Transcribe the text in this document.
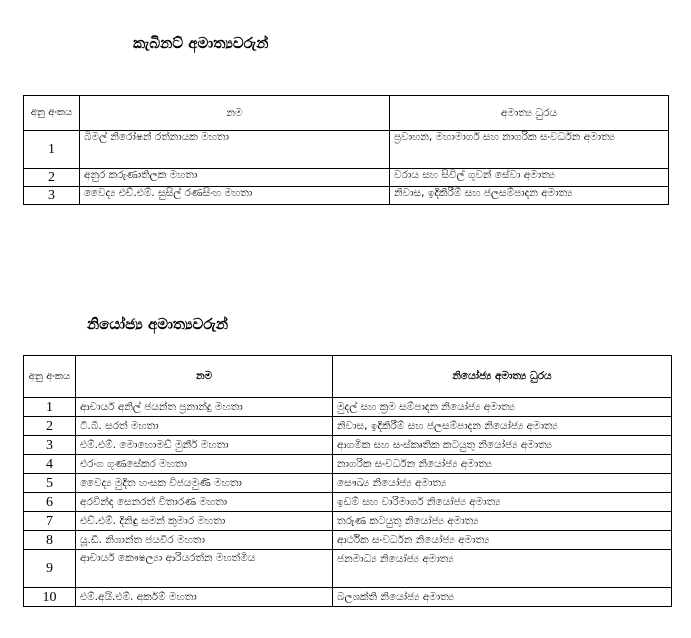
කැබිනට් අමාත්‍යවරුන්
අනු අංකය	නම	අමාත්‍ය ධුරය
1	බිමල් නිරෝෂන් රත්නායක මහතා	ප්‍රවාහන, මහාමාර්ග සහ නාගරික සංවර්ධන අමාත්‍ය
2	අනුර කරුණාතිලක මහතා	වරාය සහ සිවිල් ගුවන් සේවා අමාත්‍ය
3	වෛද්‍ය එච්.එම්. සුසිල් රණසිංහ මහතා	නිවාස, ඉදිකිරීම් සහ ජලසම්පාදන අමාත්‍ය
නියෝජ්‍ය අමාත්‍යවරුන්
අනු අංකය	නම	නියෝජ්‍ය අමාත්‍ය ධුරය
1	ආචාර්ය අනිල් ජයන්ත ප්‍රනාන්දු මහතා	මුදල් සහ ක්‍රම සම්පාදන නියෝජ්‍ය අමාත්‍ය
2	ටී.බී. සරත් මහතා	නිවාස, ඉදිකිරීම් සහ ජලසම්පාදන නියෝජ්‍ය අමාත්‍ය
3	එම්.එම්. මොහොමඩ් මුනීර් මහතා	ආගමික සහ සංස්කෘතික කටයුතු නියෝජ්‍ය අමාත්‍ය
4	එරංග ගුණසේකර මහතා	නාගරික සංවර්ධන නියෝජ්‍ය අමාත්‍ය
5	වෛද්‍ය මුදිත හංසක විජයමුණි මහතා	සෞඛ්‍ය නියෝජ්‍ය අමාත්‍ය
6	අරවින්ද සෙනරත් විතාරණ මහතා	ඉඩම් සහ වාරිමාර්ග නියෝජ්‍ය අමාත්‍ය
7	එච්.එම්. දිනිඳු සමන් කුමාර මහතා	තරුණ කටයුතු නියෝජ්‍ය අමාත්‍ය
8	යූ.ඩී. නිශාන්ත ජයවීර මහතා	ආර්ථික සංවර්ධන නියෝජ්‍ය අමාත්‍ය
9	ආචාර්ය කෞෂල්‍යා ආරියරත්න මහත්මිය	ජනමාධ්‍ය නියෝජ්‍ය අමාත්‍ය
10	එම්.අයි.එම්. අර්කම් මහතා	බලශක්ති නියෝජ්‍ය අමාත්‍ය
